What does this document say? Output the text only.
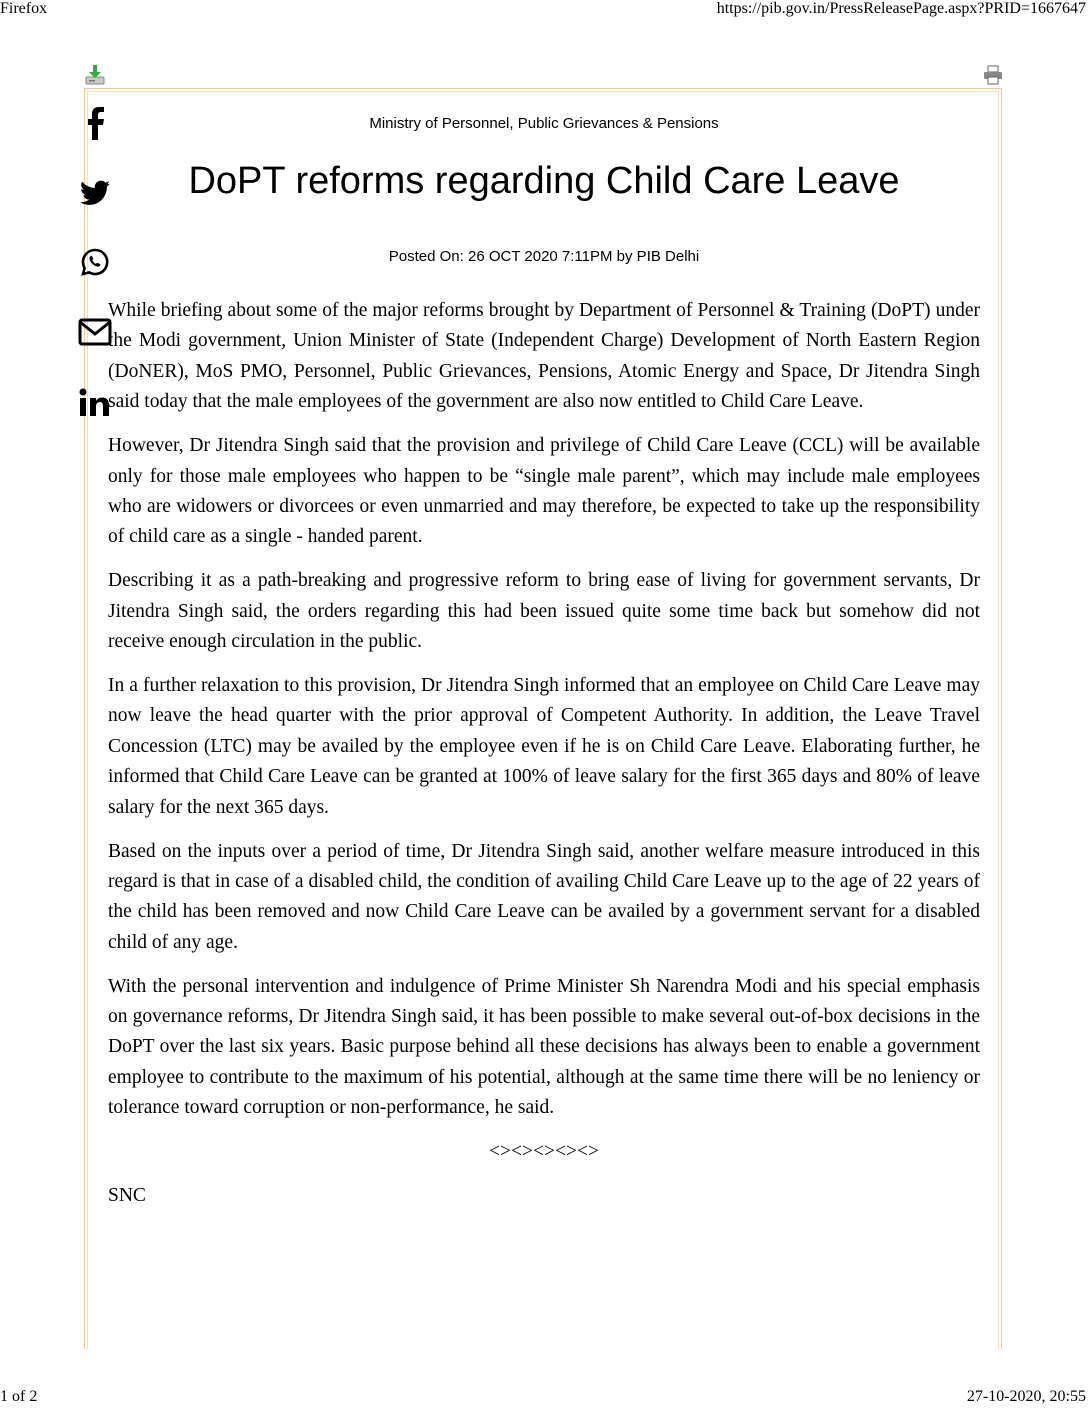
Firefox	https://pib.gov.in/PressReleasePage.aspx?PRID=1667647
Ministry of Personnel, Public Grievances & Pensions
DoPT reforms regarding Child Care Leave
Posted On: 26 OCT 2020 7:11PM by PIB Delhi

While briefing about some of the major reforms brought by Department of Personnel & Training (DoPT) under the Modi government, Union Minister of State (Independent Charge) Development of North Eastern Region (DoNER), MoS PMO, Personnel, Public Grievances, Pensions, Atomic Energy and Space, Dr Jitendra Singh said today that the male employees of the government are also now entitled to Child Care Leave.

However, Dr Jitendra Singh said that the provision and privilege of Child Care Leave (CCL) will be available only for those male employees who happen to be “single male parent”, which may include male employees who are widowers or divorcees or even unmarried and may therefore, be expected to take up the responsibility of child care as a single - handed parent.

Describing it as a path-breaking and progressive reform to bring ease of living for government servants, Dr Jitendra Singh said, the orders regarding this had been issued quite some time back but somehow did not receive enough circulation in the public.

In a further relaxation to this provision, Dr Jitendra Singh informed that an employee on Child Care Leave may now leave the head quarter with the prior approval of Competent Authority. In addition, the Leave Travel Concession (LTC) may be availed by the employee even if he is on Child Care Leave. Elaborating further, he informed that Child Care Leave can be granted at 100% of leave salary for the first 365 days and 80% of leave salary for the next 365 days.

Based on the inputs over a period of time, Dr Jitendra Singh said, another welfare measure introduced in this regard is that in case of a disabled child, the condition of availing Child Care Leave up to the age of 22 years of the child has been removed and now Child Care Leave can be availed by a government servant for a disabled child of any age.

With the personal intervention and indulgence of Prime Minister Sh Narendra Modi and his special emphasis on governance reforms, Dr Jitendra Singh said, it has been possible to make several out-of-box decisions in the DoPT over the last six years. Basic purpose behind all these decisions has always been to enable a government employee to contribute to the maximum of his potential, although at the same time there will be no leniency or tolerance toward corruption or non-performance, he said.

<><><><><>

SNC

1 of 2	27-10-2020, 20:55
